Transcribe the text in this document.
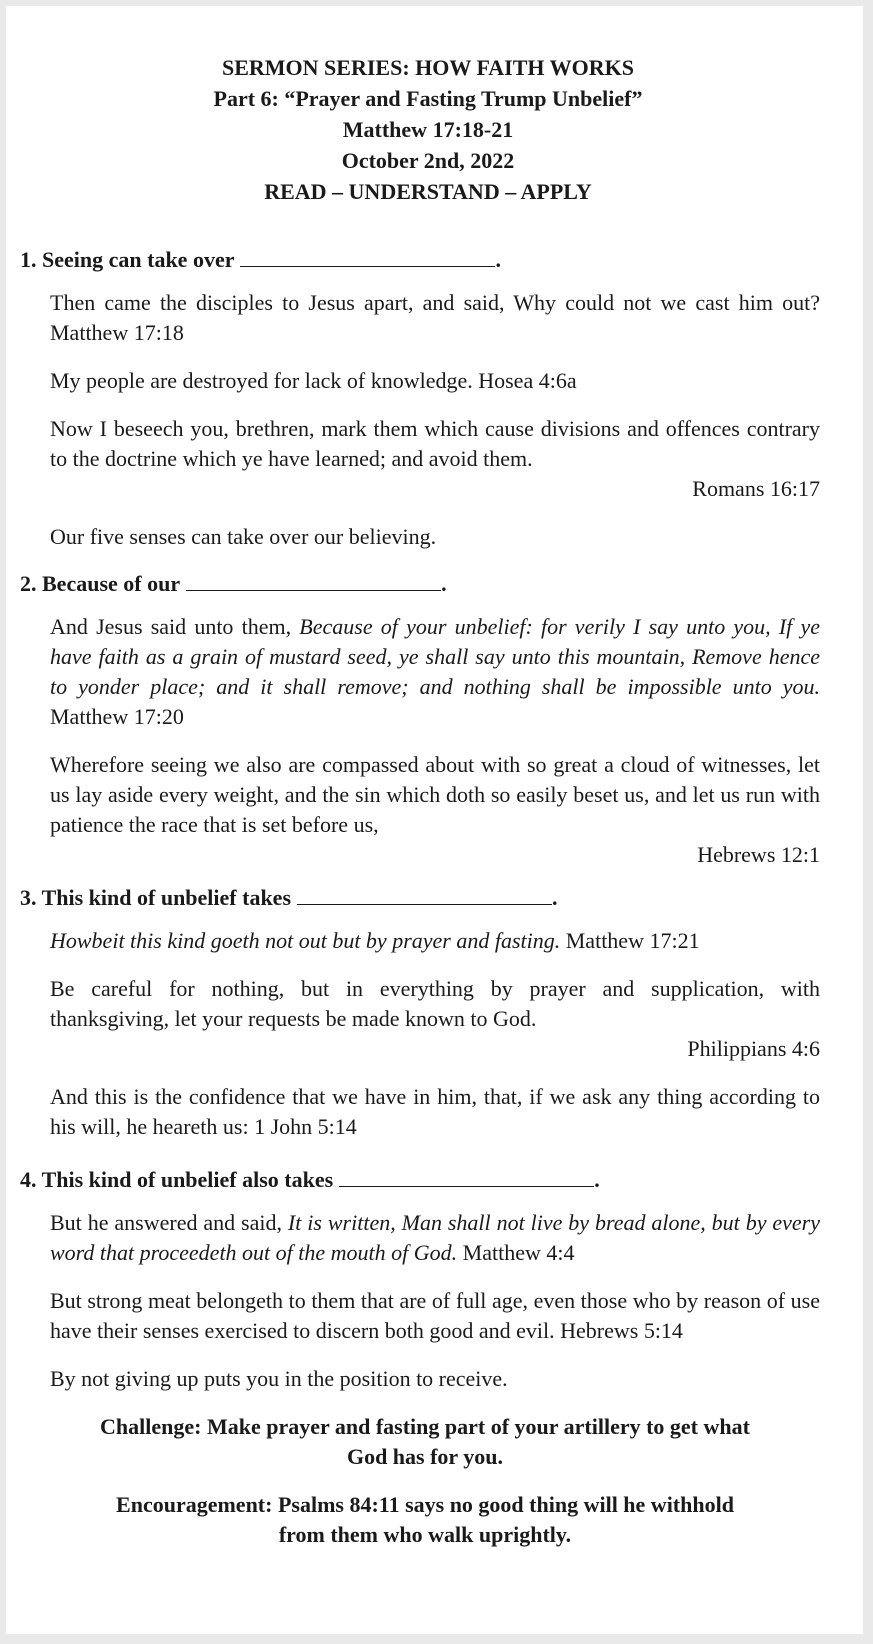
SERMON SERIES: HOW FAITH WORKS
Part 6: “Prayer and Fasting Trump Unbelief”
Matthew 17:18-21
October 2nd, 2022
READ – UNDERSTAND – APPLY
1. Seeing can take over	.
Then came the disciples to Jesus apart, and said, Why could not we cast him out? Matthew 17:18
My people are destroyed for lack of knowledge. Hosea 4:6a
Now I beseech you, brethren, mark them which cause divisions and offences contrary to the doctrine which ye have learned; and avoid them.
Romans 16:17
Our five senses can take over our believing.
2. Because of our	.
And Jesus said unto them, Because of your unbelief: for verily I say unto you, If ye have faith as a grain of mustard seed, ye shall say unto this mountain, Remove hence to yonder place; and it shall remove; and nothing shall be impossible unto you. Matthew 17:20
Wherefore seeing we also are compassed about with so great a cloud of witnesses, let us lay aside every weight, and the sin which doth so easily beset us, and let us run with patience the race that is set before us,
Hebrews 12:1
3. This kind of unbelief takes	.
Howbeit this kind goeth not out but by prayer and fasting. Matthew 17:21
Be careful for nothing, but in everything by prayer and supplication, with thanksgiving, let your requests be made known to God.
Philippians 4:6
And this is the confidence that we have in him, that, if we ask any thing according to his will, he heareth us: 1 John 5:14
4. This kind of unbelief also takes	.
But he answered and said, It is written, Man shall not live by bread alone, but by every word that proceedeth out of the mouth of God. Matthew 4:4
But strong meat belongeth to them that are of full age, even those who by reason of use have their senses exercised to discern both good and evil. Hebrews 5:14
By not giving up puts you in the position to receive.
Challenge: Make prayer and fasting part of your artillery to get what
God has for you.
Encouragement: Psalms 84:11 says no good thing will he withhold
from them who walk uprightly.
